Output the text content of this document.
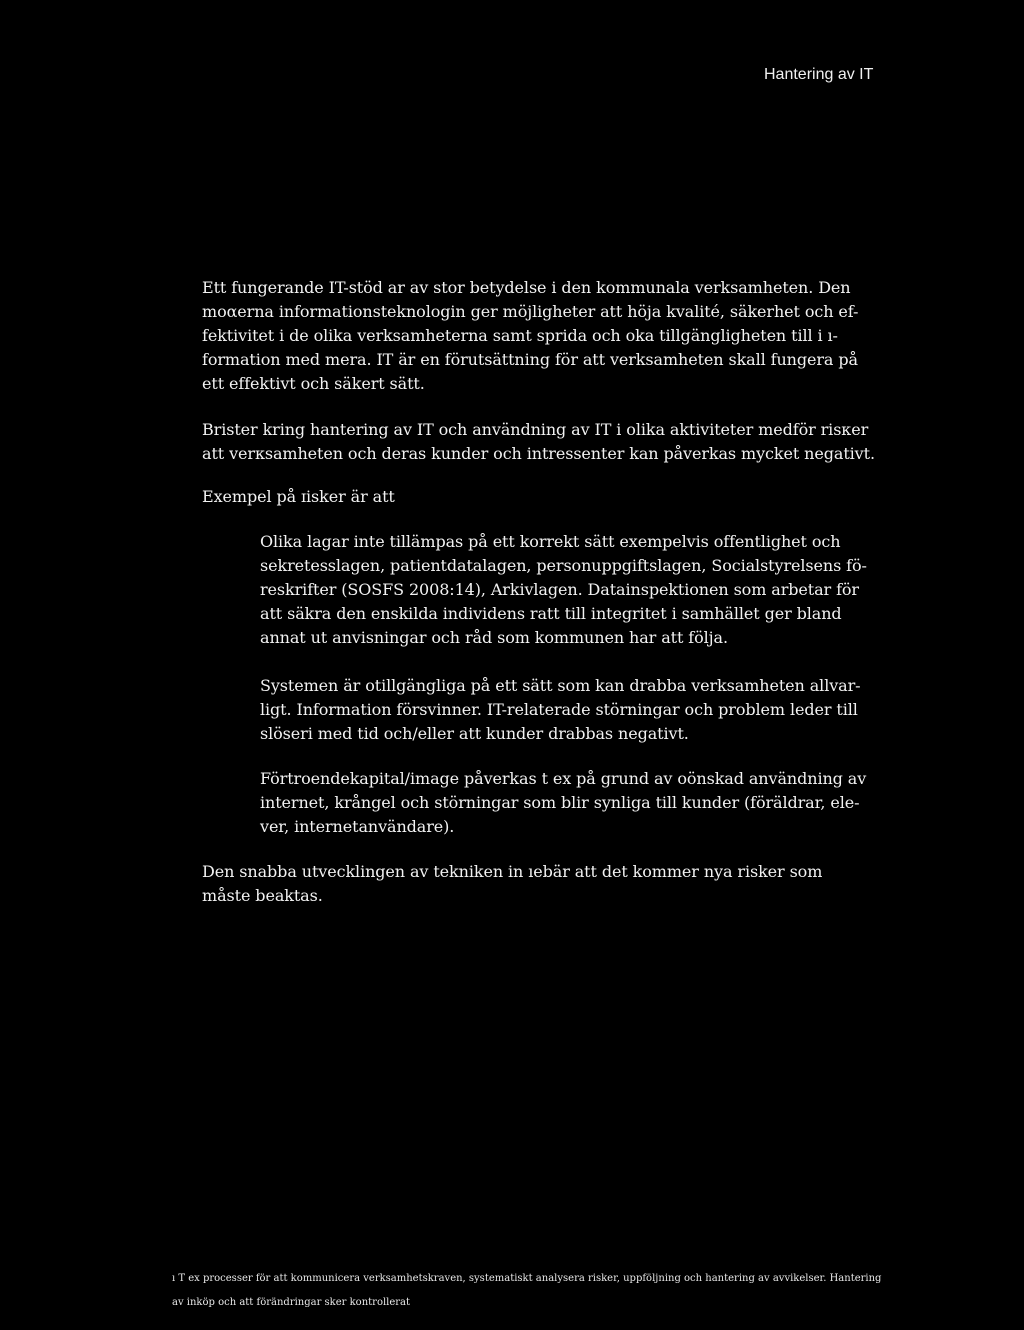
Hantering av IT
Ett fungerande IT-stöd ar av stor betydelse i den kommunala verksamheten. Den
moαerna informationsteknologin ger möjligheter att höja kvalité, säkerhet och ef-
fektivitet i de olika verksamheterna samt sprida och oka tillgängligheten till i ı-
formation med mera. IT är en förutsättning för att verksamheten skall fungera på
ett effektivt och säkert sätt.
Brister kring hantering av IT och användning av IT i olika aktiviteter medför risκer
att verκsamheten och deras kunder och intressenter kan påverkas mycket negativt.
Exempel på ɪisker är att
Olika lagar inte tillämpas på ett korrekt sätt exempelvis offentlighet och
sekretesslagen, patientdatalagen, personuppgiftslagen, Socialstyrelsens fö-
reskrifter (SOSFS 2008:14), Arkivlagen. Datainspektionen som arbetar för
att säkra den enskilda individens ratt till integritet i samhället ger bland
annat ut anvisningar och råd som kommunen har att följa.
Systemen är otillgängliga på ett sätt som kan drabba verksamheten allvar-
ligt. Information försvinner. IT-relaterade störningar och problem leder till
slöseri med tid och/eller att kunder drabbas negativt.
Förtroendekapital/image påverkas t ex på grund av oönskad användning av
internet, krångel och störningar som blir synliga till kunder (föräldrar, ele-
ver, internetanvändare).
Den snabba utvecklingen av tekniken in ıebär att det kommer nya risker som
måste beaktas.

ı T ex processer för att kommunicera verksamhetskraven, systematiskt analysera risker, uppföljning och hantering av avvikelser. Hantering

av inköp och att förändringar sker kontrollerat
